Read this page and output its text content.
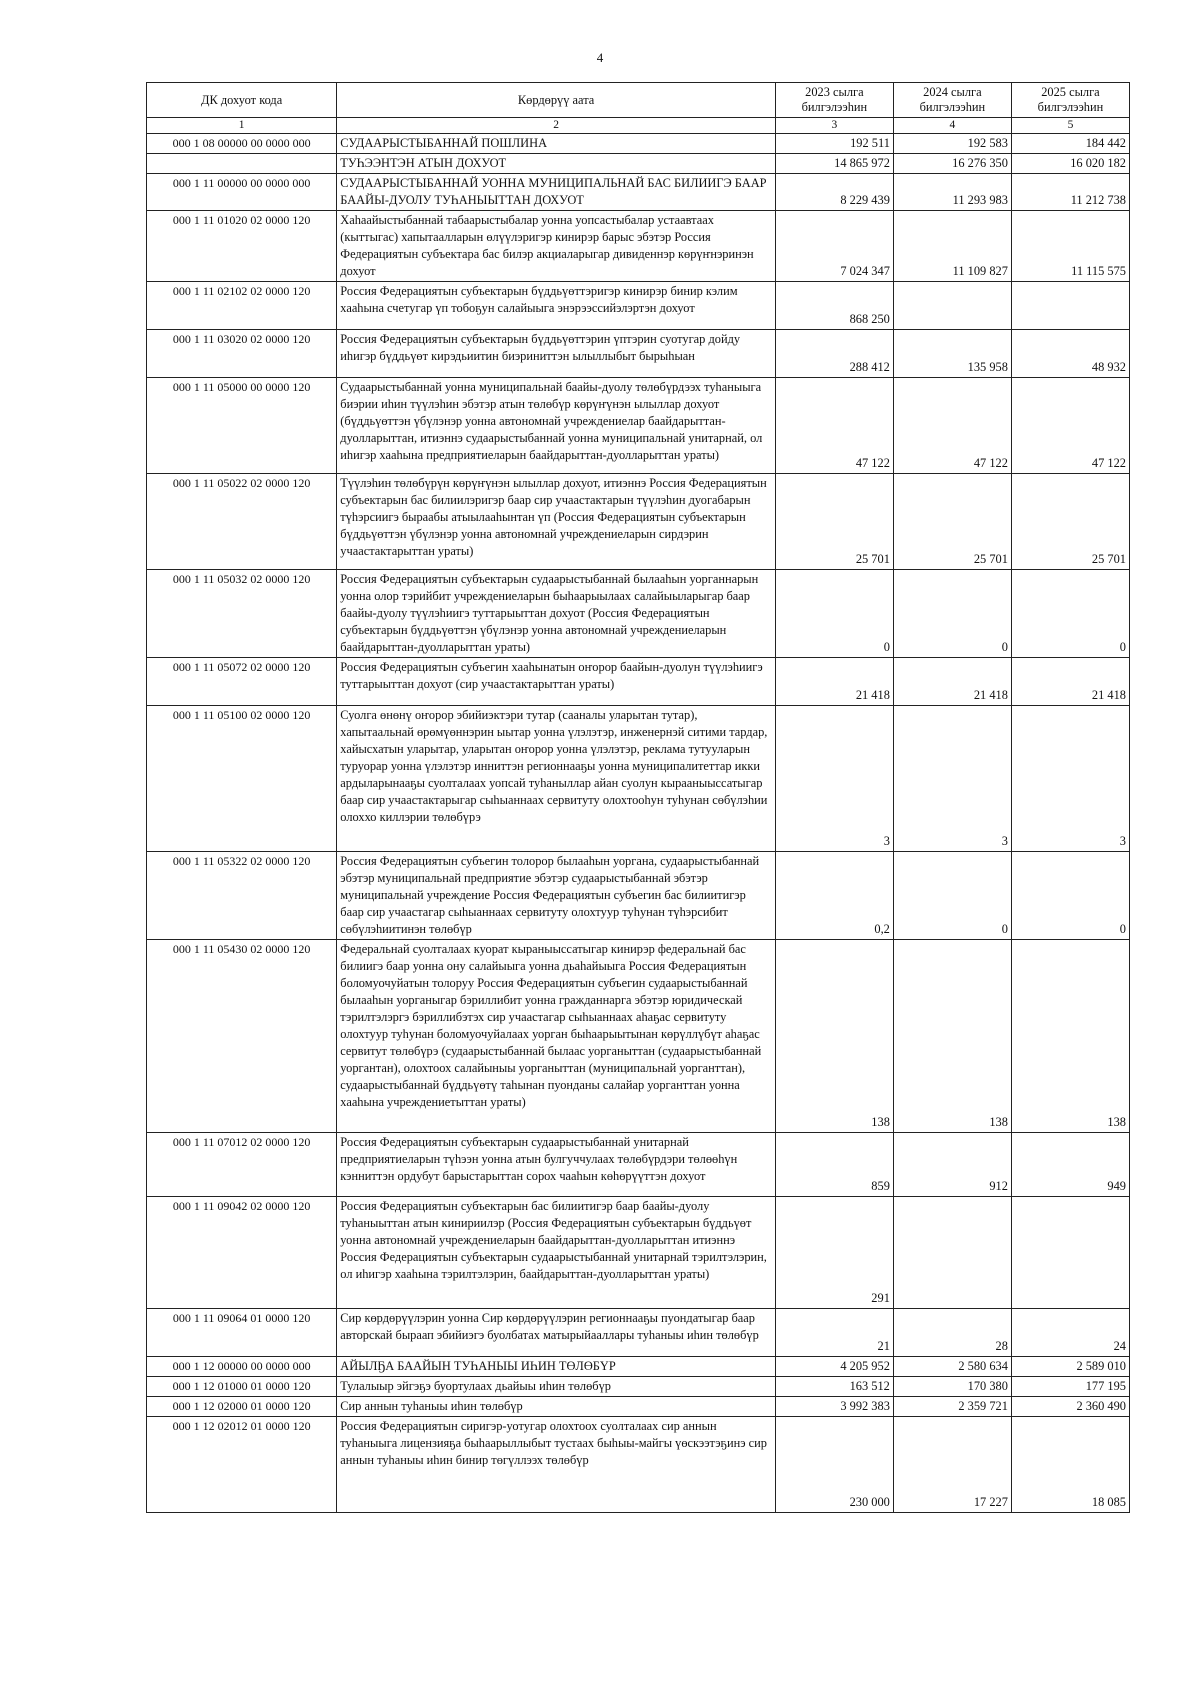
4
ДК дохуот кода	Көрдөрүү аата	2023 сылга билгэлээһин	2024 сылга билгэлээһин	2025 сылга билгэлээһин
1	2	3	4	5
000 1 08 00000 00 0000 000	СУДААРЫСТЫБАННАЙ ПОШЛИНА	192 511	192 583	184 442
	ТУҺЭЭНТЭН АТЫН ДОХУОТ	14 865 972	16 276 350	16 020 182
000 1 11 00000 00 0000 000	СУДААРЫСТЫБАННАЙ УОННА МУНИЦИПАЛЬНАЙ БАС БИЛИИГЭ БААР БААЙЫ-ДУОЛУ ТУҺАНЫЫТТАН ДОХУОТ	8 229 439	11 293 983	11 212 738
000 1 11 01020 02 0000 120	Хаһаайыстыбаннай табаарыстыбалар уонна уопсастыбалар устаавтаах (кыттыгас) хапытаалларын өлүүлэригэр кинирэр барыс эбэтэр Россия Федерациятын субъектара бас билэр акциаларыгар дивиденнэр көрүҥнэринэн дохуот	7 024 347	11 109 827	11 115 575
000 1 11 02102 02 0000 120	Россия Федерациятын субъектарын бүддьүөттэригэр кинирэр бинир кэлим хааһына счетугар үп тобоҕун салайыыга энэрээссийэлэртэн дохуот	868 250		
000 1 11 03020 02 0000 120	Россия Федерациятын субъектарын бүддьүөттэрин үптэрин суотугар дойду иһигэр бүддьүөт кирэдьиитин биэриниттэн ылыллыбыт бырыһыан	288 412	135 958	48 932
000 1 11 05000 00 0000 120	Судаарыстыбаннай уонна муниципальнай баайы-дуолу төлөбүрдээх туһаныыга биэрии иһин түүлэһин эбэтэр атын төлөбүр көрүҥүнэн ылыллар дохуот (бүддьүөттэн үбүлэнэр уонна автономнай учреждениелар баайдарыттан-дуолларыттан, итиэннэ судаарыстыбаннай уонна муниципальнай унитарнай, ол иһигэр хааһына предприятиеларын баайдарыттан-дуолларыттан ураты)	47 122	47 122	47 122
000 1 11 05022 02 0000 120	Түүлэһин төлөбүрүн көрүҥүнэн ылыллар дохуот, итиэннэ Россия Федерациятын субъектарын бас билиилэригэр баар сир учаастактарын түүлэһин дуогабарын түһэрсиигэ быраабы атыылааһынтан үп (Россия Федерациятын субъектарын бүддьүөттэн үбүлэнэр уонна автономнай учреждениеларын сирдэрин учаастактарыттан ураты)	25 701	25 701	25 701
000 1 11 05032 02 0000 120	Россия Федерациятын субъектарын судаарыстыбаннай былааһын уорганнарын уонна олор тэрийбит учреждениеларын быһаарыылаах салайыыларыгар баар баайы-дуолу түүлэһиигэ туттарыыттан дохуот (Россия Федерациятын субъектарын бүддьүөттэн үбүлэнэр уонна автономнай учреждениеларын баайдарыттан-дуолларыттан ураты)	0	0	0
000 1 11 05072 02 0000 120	Россия Федерациятын субъегин хааһынатын оҥорор баайын-дуолун түүлэһиигэ туттарыыттан дохуот (сир учаастактарыттан ураты)	21 418	21 418	21 418
000 1 11 05100 02 0000 120	Суолга өнөнү оҥорор эбийиэктэри тутар (сааналы уларытан тутар), хапытаальнай өрөмүөннэрин ыытар уонна үлэлэтэр, инженернэй ситими тардар, хайысхатын уларытар, уларытан оҥорор уонна үлэлэтэр, реклама тутууларын туруорар уонна үлэлэтэр инниттэн регионнааҕы уонна муниципалитеттар икки ардыларынааҕы суолталаах уопсай туһаныллар айан суолун кырааныыссатыгар баар сир учаастактарыгар сыһыаннаах сервитуту олохтооһун туһунан сөбүлэһии олоххо киллэрии төлөбүрэ	3	3	3
000 1 11 05322 02 0000 120	Россия Федерациятын субъегин толорор былааһын уоргана, судаарыстыбаннай эбэтэр муниципальнай предприятие эбэтэр судаарыстыбаннай эбэтэр муниципальнай учреждение Россия Федерациятын субъегин бас билиитигэр баар сир учаастагар сыһыаннаах сервитуту олохтуур туһунан түһэрсибит сөбүлэһиитинэн төлөбүр	0,2	0	0
000 1 11 05430 02 0000 120	Федеральнай суолталаах куорат кыраныыссатыгар кинирэр федеральнай бас билиигэ баар уонна ону салайыыга уонна дьаһайыыга Россия Федерациятын боломуочуйатын толоруу Россия Федерациятын субъегин судаарыстыбаннай былааһын уорганыгар бэриллибит уонна гражданнарга эбэтэр юридическай тэрилтэлэргэ бэриллибэтэх сир учаастагар сыһыаннаах аһаҕас сервитуту олохтуур туһунан боломуочуйалаах уорган быһаарыытынан көрүллүбүт аһаҕас сервитут төлөбүрэ (судаарыстыбаннай былаас уорганыттан (судаарыстыбаннай уоргантан), олохтоох салайыныы уорганыттан (муниципальнай уорганттан), судаарыстыбаннай бүддьүөтү таһынан пуонданы салайар уорганттан уонна хааһына учреждениетыттан ураты)	138	138	138
000 1 11 07012 02 0000 120	Россия Федерациятын субъектарын судаарыстыбаннай унитарнай предприятиеларын түһээн уонна атын булгуччулаах төлөбүрдэри төлөөһүн кэнниттэн ордубут барыстарыттан сорох чааһын көһөрүүттэн дохуот	859	912	949
000 1 11 09042 02 0000 120	Россия Федерациятын субъектарын бас билиитигэр баар баайы-дуолу туһаныыттан атын кинириилэр (Россия Федерациятын субъектарын бүддьүөт уонна автономнай учреждениеларын баайдарыттан-дуолларыттан итиэннэ Россия Федерациятын субъектарын судаарыстыбаннай унитарнай тэрилтэлэрин, ол иһигэр хааһына тэрилтэлэрин, баайдарыттан-дуолларыттан ураты)	291		
000 1 11 09064 01 0000 120	Сир көрдөрүүлэрин уонна Сир көрдөрүүлэрин регионнааҕы пуондатыгар баар авторскай быраап эбийиэгэ буолбатах матырыйааллары туһаныы иһин төлөбүр	21	28	24
000 1 12 00000 00 0000 000	АЙЫЛҔА БААЙЫН ТУҺАНЫЫ ИҺИН ТӨЛӨБҮР	4 205 952	2 580 634	2 589 010
000 1 12 01000 01 0000 120	Тулалыыр эйгэҕэ буортулаах дьайыы иһин төлөбүр	163 512	170 380	177 195
000 1 12 02000 01 0000 120	Сир аннын туһаныы иһин төлөбүр	3 992 383	2 359 721	2 360 490
000 1 12 02012 01 0000 120	Россия Федерациятын сиригэр-уотугар олохтоох суолталаах сир аннын туһаныыга лицензияҕа быһаарыллыбыт тустаах быһыы-майгы үөскээтэҕинэ сир аннын туһаныы иһин бинир төгүллээх төлөбүр	230 000	17 227	18 085
